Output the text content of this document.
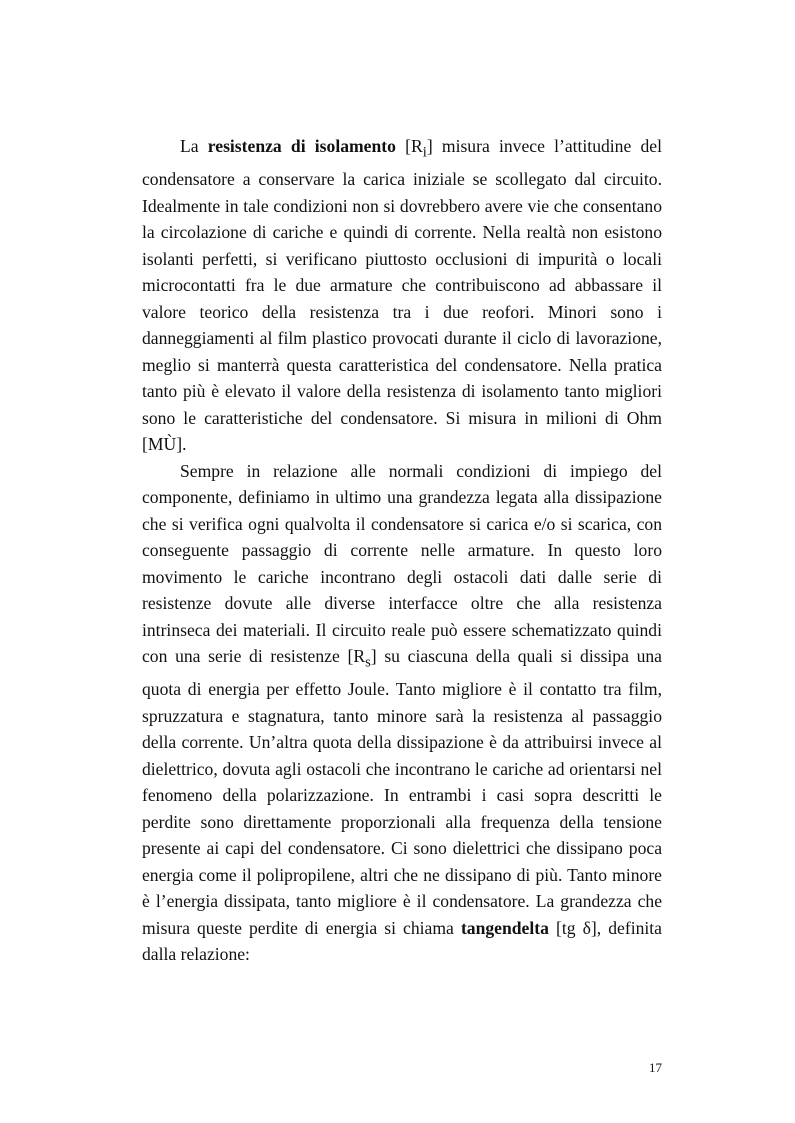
La resistenza di isolamento $[R_i]$ misura invece l’attitudine del condensatore a conservare la carica iniziale se scollegato dal circuito. Idealmente in tale condizioni non si dovrebbero avere vie che consentano la circolazione di cariche e quindi di corrente. Nella realtà non esistono isolanti perfetti, si verificano piuttosto occlusioni di impurità o locali microcontatti fra le due armature che contribuiscono ad abbassare il valore teorico della resistenza tra i due reofori. Minori sono i danneggiamenti al film plastico provocati durante il ciclo di lavorazione, meglio si manterrà questa caratteristica del condensatore. Nella pratica tanto più è elevato il valore della resistenza di isolamento tanto migliori sono le caratteristiche del condensatore. Si misura in milioni di Ohm [MÙ].

Sempre in relazione alle normali condizioni di impiego del componente, definiamo in ultimo una grandezza legata alla dissipazione che si verifica ogni qualvolta il condensatore si carica e/o si scarica, con conseguente passaggio di corrente nelle armature. In questo loro movimento le cariche incontrano degli ostacoli dati dalle serie di resistenze dovute alle diverse interfacce oltre che alla resistenza intrinseca dei materiali. Il circuito reale può essere schematizzato quindi con una serie di resistenze $[R_s]$ su ciascuna della quali si dissipa una quota di energia per effetto Joule. Tanto migliore è il contatto tra film, spruzzatura e stagnatura, tanto minore sarà la resistenza al passaggio della corrente. Un’altra quota della dissipazione è da attribuirsi invece al dielettrico, dovuta agli ostacoli che incontrano le cariche ad orientarsi nel fenomeno della polarizzazione. In entrambi i casi sopra descritti le perdite sono direttamente proporzionali alla frequenza della tensione presente ai capi del condensatore. Ci sono dielettrici che dissipano poca energia come il polipropilene, altri che ne dissipano di più. Tanto minore è l’energia dissipata, tanto migliore è il condensatore. La grandezza che misura queste perdite di energia si chiama tangendelta [tg δ], definita dalla relazione:

17
